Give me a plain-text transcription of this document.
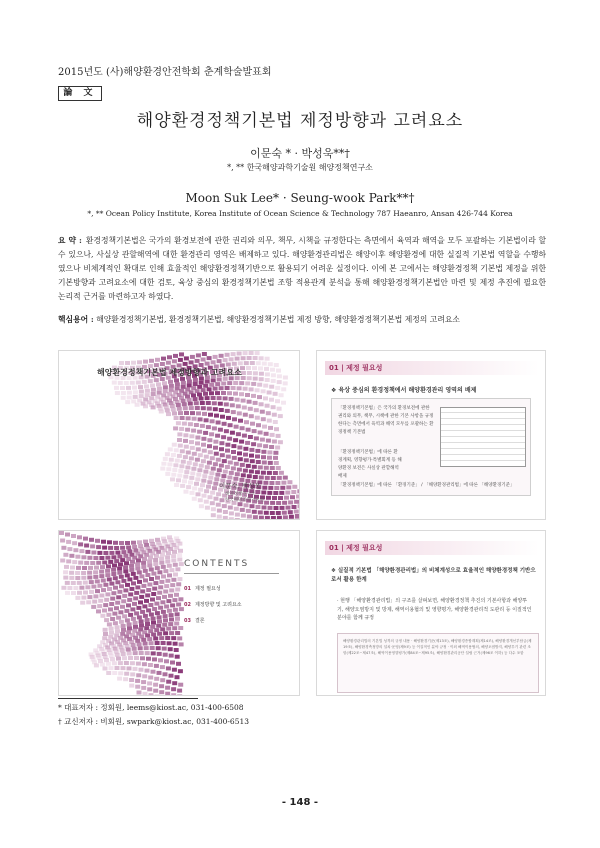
2015년도 (사)해양환경안전학회 춘계학술발표회
論 文
해양환경정책기본법 제정방향과 고려요소
이문숙 * · 박성욱**†
*, ** 한국해양과학기술원 해양정책연구소
Moon Suk Lee* · Seung-wook Park**†
*, ** Ocean Policy Institute, Korea Institute of Ocean Science & Technology 787 Haeanro, Ansan 426-744 Korea
요 약 : 환경정책기본법은 국가의 환경보전에 관한 권리와 의무, 책무, 시책을 규정한다는 측면에서 육역과 해역을 모두 포괄하는 기본법이라 할 수 있으나, 사실상 관할해역에 대한 환경관리 영역은 배제하고 있다. 해양환경관리법은 해양이후 해양환경에 대한 실질적 기본법 역할을 수행하였으나 비체계적인 확대로 인해 효율적인 해양환경정책기반으로 활용되기 어려운 실정이다. 이에 본 고에서는 해양환경정책 기본법 제정을 위한 기본방향과 고려요소에 대한 검토, 육상 중심의 환경정책기본법 조항 적용관계 분석을 통해 해양환경정책기본법안 마련 및 제정 추진에 필요한 논리적 근거를 마련하고자 하였다.
핵심용어 : 해양환경정책기본법, 환경정책기본법, 해양환경정책기본법 제정 방향, 해양환경정책기본법 제정의 고려요소
해양환경정책기본법 제정방향과 고려요소
이문숙, 박성욱
해양정책연구소
한국해양과학기술원
01 | 제정 필요성
❖ 육상 중심의 환경정책에서 해양환경관리 영역의 배제
「환경정책기본법」은 국가의 환경보전에 관한 권리와 의무, 책무, 시책에 관한 기본 사항을 규정한다는 측면에서 육역과 해역 모두를 포괄하는 환경정책 기본법
「환경정책기본법」에 따른 환경계획, 영향평가·특별회계 등 해양환경 보전은 사실상 관할해역 배제
「환경정책기본법」에 따른 「환경기준」 / 「해양환경관리법」에 따른 「해양환경기준」
CONTENTS
01 제정 필요성
02 제정방향 및 고려요소
03 결론
01 | 제정 필요성
❖ 실질적 기본법 「해양환경관리법」의 비체계성으로 효율적인 해양환경정책 기반으로서 활용 한계
· 현행 「해양환경관리법」의 구조를 살펴보면, 해양환경정책 추진의 기본사항과 해양투기, 해양오염방지 및 방제, 해역이용협의 및 영향평가, 해양환경관리적 도관리 등 이질적인 분야를 함께 규정
해양환경관리법의 기본법 성격의 규정 내용 · 해양환경기준(제13조), 해양환경종합계획(제14조), 해양환경개선부담금(제19조), 해양환경측정망의 설치·운영(제9조) 등 이질적인 분야 규정 · 이외 해역이용협의, 해양오염방지, 해양투기 관련 조항(제22조~제47조), 해역이용영향평가(제84조~제95조), 해양환경관리공단 설립 근거(제96조 이하) 등 다수 포함
* 대표저자 : 정회원, leems@kiost.ac, 031-400-6508
† 교신저자 : 비회원, swpark@kiost.ac, 031-400-6513
- 148 -
